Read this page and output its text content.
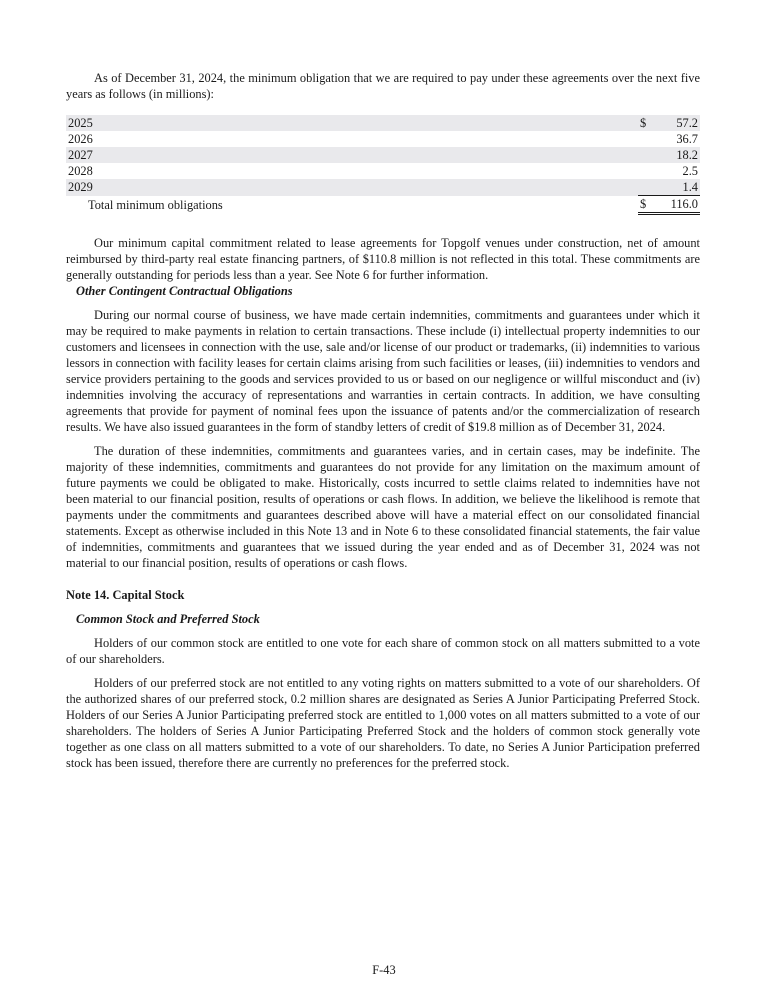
As of December 31, 2024, the minimum obligation that we are required to pay under these agreements over the next five years as follows (in millions):

2025	$	57.2
2026		36.7
2027		18.2
2028		2.5
2029		1.4
Total minimum obligations	$	116.0

Our minimum capital commitment related to lease agreements for Topgolf venues under construction, net of amount reimbursed by third-party real estate financing partners, of $110.8 million is not reflected in this total. These commitments are generally outstanding for periods less than a year. See Note 6 for further information.

Other Contingent Contractual Obligations

During our normal course of business, we have made certain indemnities, commitments and guarantees under which it may be required to make payments in relation to certain transactions. These include (i) intellectual property indemnities to our customers and licensees in connection with the use, sale and/or license of our product or trademarks, (ii) indemnities to various lessors in connection with facility leases for certain claims arising from such facilities or leases, (iii) indemnities to vendors and service providers pertaining to the goods and services provided to us or based on our negligence or willful misconduct and (iv) indemnities involving the accuracy of representations and warranties in certain contracts. In addition, we have consulting agreements that provide for payment of nominal fees upon the issuance of patents and/or the commercialization of research results. We have also issued guarantees in the form of standby letters of credit of $19.8 million as of December 31, 2024.

The duration of these indemnities, commitments and guarantees varies, and in certain cases, may be indefinite. The majority of these indemnities, commitments and guarantees do not provide for any limitation on the maximum amount of future payments we could be obligated to make. Historically, costs incurred to settle claims related to indemnities have not been material to our financial position, results of operations or cash flows. In addition, we believe the likelihood is remote that payments under the commitments and guarantees described above will have a material effect on our consolidated financial statements. Except as otherwise included in this Note 13 and in Note 6 to these consolidated financial statements, the fair value of indemnities, commitments and guarantees that we issued during the year ended and as of December 31, 2024 was not material to our financial position, results of operations or cash flows.

Note 14. Capital Stock

Common Stock and Preferred Stock

Holders of our common stock are entitled to one vote for each share of common stock on all matters submitted to a vote of our shareholders.

Holders of our preferred stock are not entitled to any voting rights on matters submitted to a vote of our shareholders. Of the authorized shares of our preferred stock, 0.2 million shares are designated as Series A Junior Participating Preferred Stock. Holders of our Series A Junior Participating preferred stock are entitled to 1,000 votes on all matters submitted to a vote of our shareholders. The holders of Series A Junior Participating Preferred Stock and the holders of common stock generally vote together as one class on all matters submitted to a vote of our shareholders. To date, no Series A Junior Participation preferred stock has been issued, therefore there are currently no preferences for the preferred stock.

F-43
